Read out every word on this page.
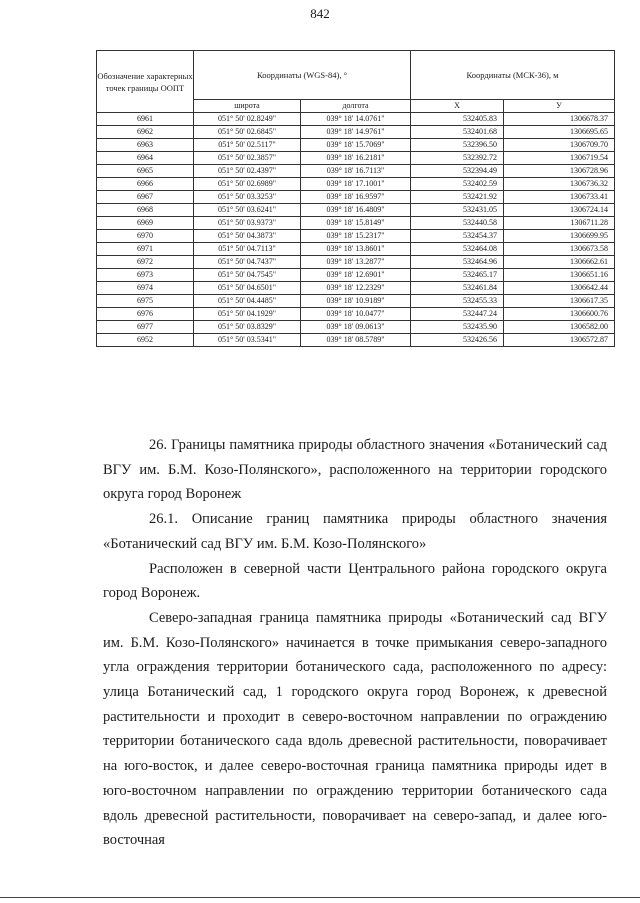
842
Обозначение характерных точек границы ООПТ	Координаты (WGS-84), °		Координаты (МСК-36), м	
	широта	долгота	X	У
6961	051° 50' 02.8249"	039° 18' 14.0761"	532405.83	1306678.37
6962	051° 50' 02.6845"	039° 18' 14.9761"	532401.68	1306695.65
6963	051° 50' 02.5117"	039° 18' 15.7069"	532396.50	1306709.70
6964	051° 50' 02.3857"	039° 18' 16.2181"	532392.72	1306719.54
6965	051° 50' 02.4397"	039° 18' 16.7113"	532394.49	1306728.96
6966	051° 50' 02.6989"	039° 18' 17.1001"	532402.59	1306736.32
6967	051° 50' 03.3253"	039° 18' 16.9597"	532421.92	1306733.41
6968	051° 50' 03.6241"	039° 18' 16.4809"	532431.05	1306724.14
6969	051° 50' 03.9373"	039° 18' 15.8149"	532440.58	1306711.28
6970	051° 50' 04.3873"	039° 18' 15.2317"	532454.37	1306699.95
6971	051° 50' 04.7113"	039° 18' 13.8601"	532464.08	1306673.58
6972	051° 50' 04.7437"	039° 18' 13.2877"	532464.96	1306662.61
6973	051° 50' 04.7545"	039° 18' 12.6901"	532465.17	1306651.16
6974	051° 50' 04.6501"	039° 18' 12.2329"	532461.84	1306642.44
6975	051° 50' 04.4485"	039° 18' 10.9189"	532455.33	1306617.35
6976	051° 50' 04.1929"	039° 18' 10.0477"	532447.24	1306600.76
6977	051° 50' 03.8329"	039° 18' 09.0613"	532435.90	1306582.00
6952	051° 50' 03.5341"	039° 18' 08.5789"	532426.56	1306572.87

26. Границы памятника природы областного значения «Ботанический сад ВГУ им. Б.М. Козо-Полянского», расположенного на территории городского округа город Воронеж

26.1. Описание границ памятника природы областного значения «Ботанический сад ВГУ им. Б.М. Козо-Полянского»

Расположен в северной части Центрального района городского округа город Воронеж.

Северо-западная граница памятника природы «Ботанический сад ВГУ им. Б.М. Козо-Полянского» начинается в точке примыкания северо-западного угла ограждения территории ботанического сада, расположенного по адресу: улица Ботанический сад, 1 городского округа город Воронеж, к древесной растительности и проходит в северо-восточном направлении по ограждению территории ботанического сада вдоль древесной растительности, поворачивает на юго-восток, и далее северо-восточная граница памятника природы идет в юго-восточном направлении по ограждению территории ботанического сада вдоль древесной растительности, поворачивает на северо-запад, и далее юго-восточная
